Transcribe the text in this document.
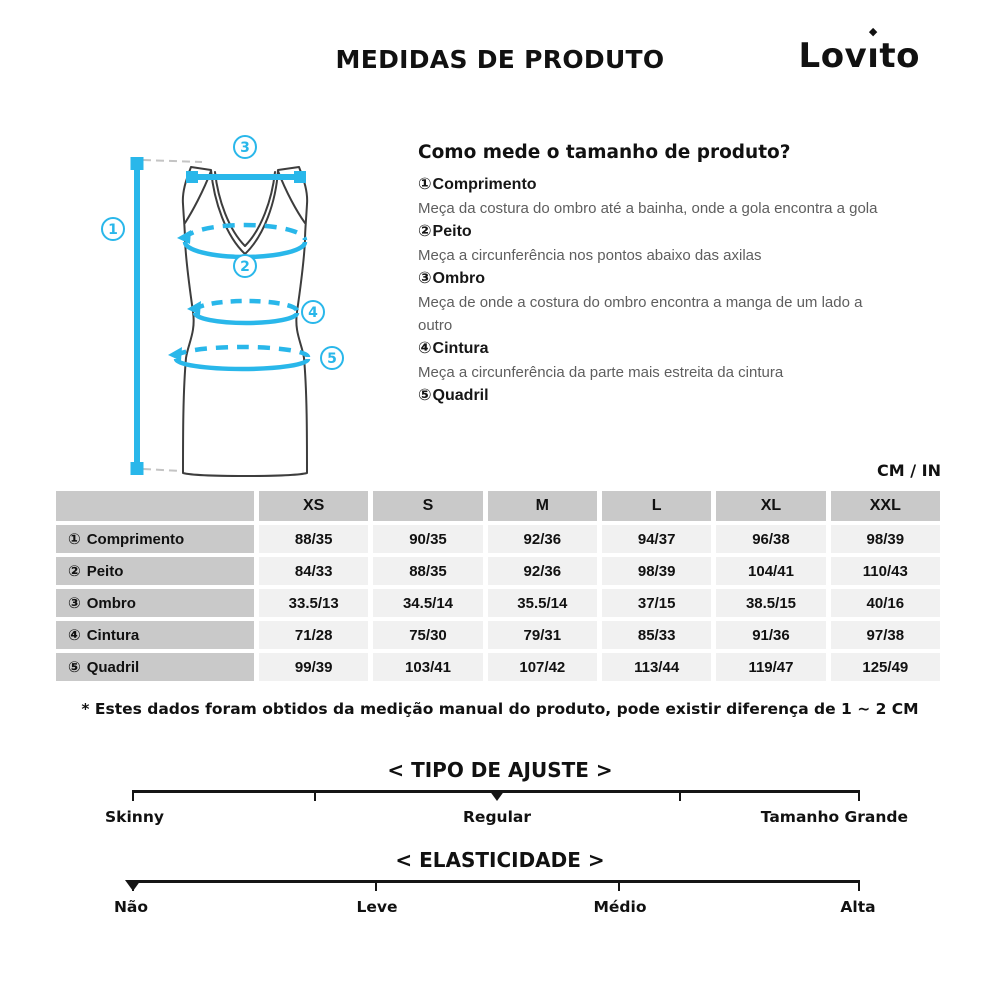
MEDIDAS DE PRODUTO	Lovı
◆
to
3
1
2
4
5
Como mede o tamanho de produto?
①Comprimento
Meça da costura do ombro até a bainha, onde a gola encontra a gola
②Peito
Meça a circunferência nos pontos abaixo das axilas
③Ombro
Meça de onde a costura do ombro encontra a manga de um lado a outro
④Cintura
Meça a circunferência da parte mais estreita da cintura
⑤Quadril
CM / IN
	XS	S	M	L	XL	XXL
① Comprimento	88/35	90/35	92/36	94/37	96/38	98/39
② Peito	84/33	88/35	92/36	98/39	104/41	110/43
③ Ombro	33.5/13	34.5/14	35.5/14	37/15	38.5/15	40/16
④ Cintura	71/28	75/30	79/31	85/33	91/36	97/38
⑤ Quadril	99/39	103/41	107/42	113/44	119/47	125/49
* Estes dados foram obtidos da medição manual do produto, pode existir diferença de 1 ~ 2 CM
< TIPO DE AJUSTE >
Skinny	Regular	Tamanho Grande
< ELASTICIDADE >
Não	Leve	Médio	Alta
